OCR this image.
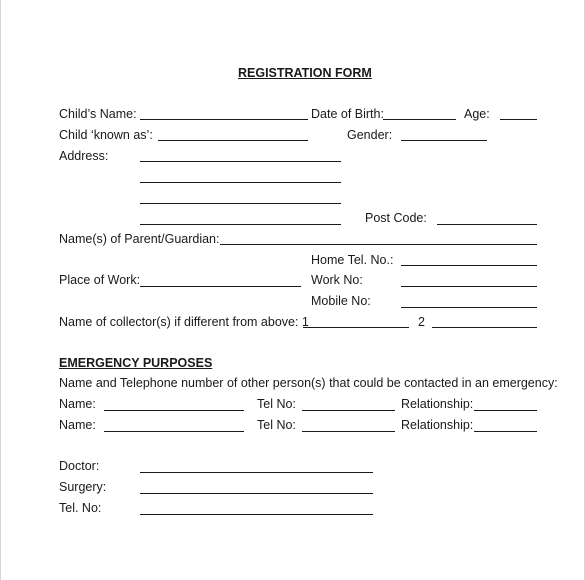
REGISTRATION FORM
Child’s Name:	Date of Birth:	Age:
Child ‘known as’:	Gender:
Address:
Post Code:
Name(s) of Parent/Guardian:
Home Tel. No.:
Place of Work:	Work No:
Mobile No:
Name of collector(s) if different from above: 1	2
EMERGENCY PURPOSES
Name and Telephone number of other person(s) that could be contacted in an emergency:
Name:	Tel No:	Relationship:
Name:	Tel No:	Relationship:
Doctor:
Surgery:
Tel. No:
